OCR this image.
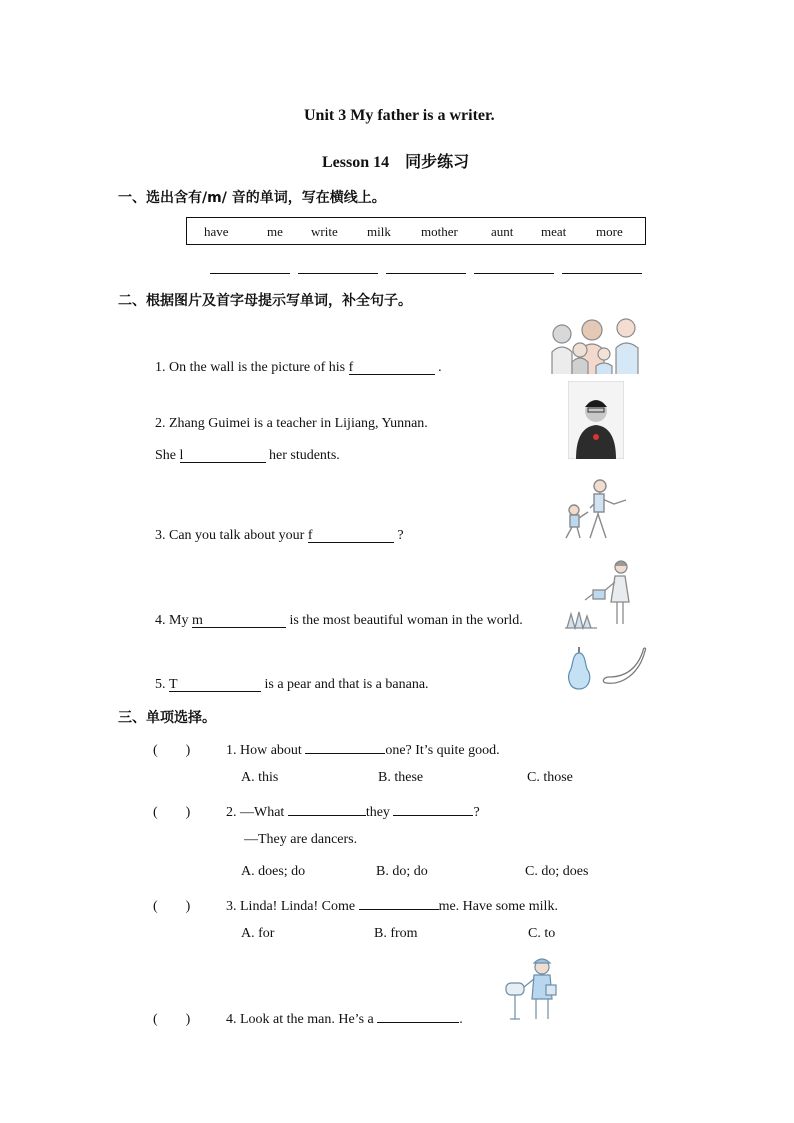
Unit 3 My father is a writer.
Lesson 14　同步练习
一、选出含有/m/ 音的单词，写在横线上。
have	me write milk mother	aunt meat more
二、根据图片及首字母提示写单词，补全句子。
1. On the wall is the picture of his f	.
2. Zhang Guimei is a teacher in Lijiang, Yunnan.
She l	her students.
3. Can you talk about your f	?
4. My m	is the most beautiful woman in the world.
5. T	is a pear and that is a banana.
三、单项选择。
(　　)	1. How about	one? It’s quite good.
A. this	B. these	C. those
(　　)	2. —What	they	?
—They are dancers.
A. does; do	B. do; do	C. do; does
(　　)	3. Linda! Linda! Come	me. Have some milk.
A. for	B. from	C. to
(　　)	4. Look at the man. He’s a	.
